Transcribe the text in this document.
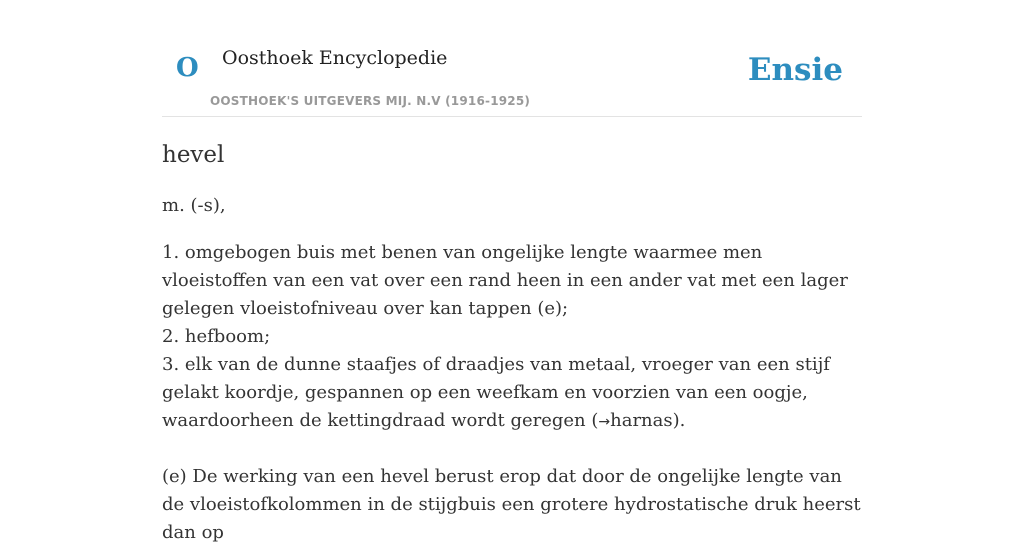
O Oosthoek Encyclopedie
OOSTHOEK'S UITGEVERS MIJ. N.V (1916-1925)
Ensie
hevel
m. (-s),

1. omgebogen buis met benen van ongelijke lengte waarmee men vloeistoffen van een vat over een rand heen in een ander vat met een lager gelegen vloeistofniveau over kan tappen (e);

2. hefboom;

3. elk van de dunne staafjes of draadjes van metaal, vroeger van een stijf gelakt koordje, gespannen op een weefkam en voorzien van een oogje, waardoorheen de kettingdraad wordt geregen (→harnas).

(e) De werking van een hevel berust erop dat door de ongelijke lengte van de vloeistofkolommen in de stijgbuis een grotere hydrostatische druk heerst dan op
